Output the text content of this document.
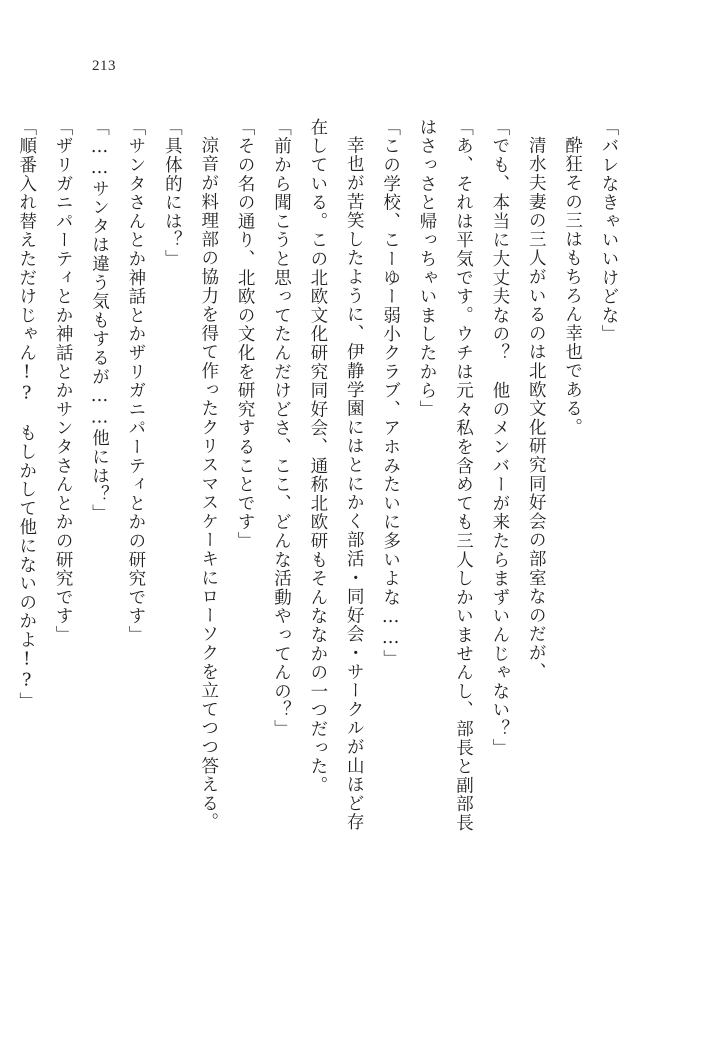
213

「バレなきゃいいけどな」

酔狂その三はもちろん幸也である。

清水夫妻の三人がいるのは北欧文化研究同好会の部室なのだが、

「でも、本当に大丈夫なの？　他のメンバーが来たらまずいんじゃない？」

「あ、それは平気です。ウチは元々私を含めても三人しかいませんし、部長と副部長

はさっさと帰っちゃいましたから」

「この学校、こーゆー弱小クラブ、アホみたいに多いよな……」

幸也が苦笑したように、伊静学園にはとにかく部活・同好会・サークルが山ほど存

在している。この北欧文化研究同好会、通称北欧研もそんななかの一つだった。

「前から聞こうと思ってたんだけどさ、ここ、どんな活動やってんの？」

「その名の通り、北欧の文化を研究することです」

涼音が料理部の協力を得て作ったクリスマスケーキにローソクを立てつつ答える。

「具体的には？」

「サンタさんとか神話とかザリガニパーティとかの研究です」

「……サンタは違う気もするが……他には？」

「ザリガニパーティとか神話とかサンタさんとかの研究です」

「順番入れ替えただけじゃん!?　もしかして他にないのかよ!?」
